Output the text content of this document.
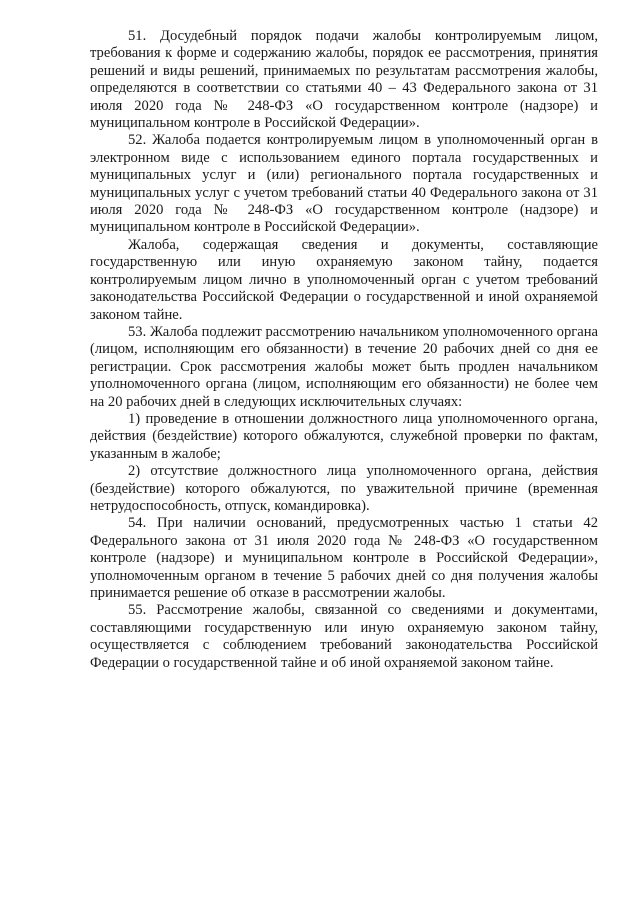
51. Досудебный порядок подачи жалобы контролируемым лицом, требования к форме и содержанию жалобы, порядок ее рассмотрения, принятия решений и виды решений, принимаемых по результатам рассмотрения жалобы, определяются в соответствии со статьями 40 – 43 Федерального закона от 31 июля 2020 года № 248-ФЗ «О государственном контроле (надзоре) и муниципальном контроле в Российской Федерации».

52. Жалоба подается контролируемым лицом в уполномоченный орган в электронном виде с использованием единого портала государственных и муниципальных услуг и (или) регионального портала государственных и муниципальных услуг с учетом требований статьи 40 Федерального закона от 31 июля 2020 года № 248-ФЗ «О государственном контроле (надзоре) и муниципальном контроле в Российской Федерации».

Жалоба, содержащая сведения и документы, составляющие государственную или иную охраняемую законом тайну, подается контролируемым лицом лично в уполномоченный орган с учетом требований законодательства Российской Федерации о государственной и иной охраняемой законом тайне.

53. Жалоба подлежит рассмотрению начальником уполномоченного органа (лицом, исполняющим его обязанности) в течение 20 рабочих дней со дня ее регистрации. Срок рассмотрения жалобы может быть продлен начальником уполномоченного органа (лицом, исполняющим его обязанности) не более чем на 20 рабочих дней в следующих исключительных случаях:

1) проведение в отношении должностного лица уполномоченного органа, действия (бездействие) которого обжалуются, служебной проверки по фактам, указанным в жалобе;

2) отсутствие должностного лица уполномоченного органа, действия (бездействие) которого обжалуются, по уважительной причине (временная нетрудоспособность, отпуск, командировка).

54. При наличии оснований, предусмотренных частью 1 статьи 42 Федерального закона от 31 июля 2020 года № 248-ФЗ «О государственном контроле (надзоре) и муниципальном контроле в Российской Федерации», уполномоченным органом в течение 5 рабочих дней со дня получения жалобы принимается решение об отказе в рассмотрении жалобы.

55. Рассмотрение жалобы, связанной со сведениями и документами, составляющими государственную или иную охраняемую законом тайну, осуществляется с соблюдением требований законодательства Российской Федерации о государственной тайне и об иной охраняемой законом тайне.
